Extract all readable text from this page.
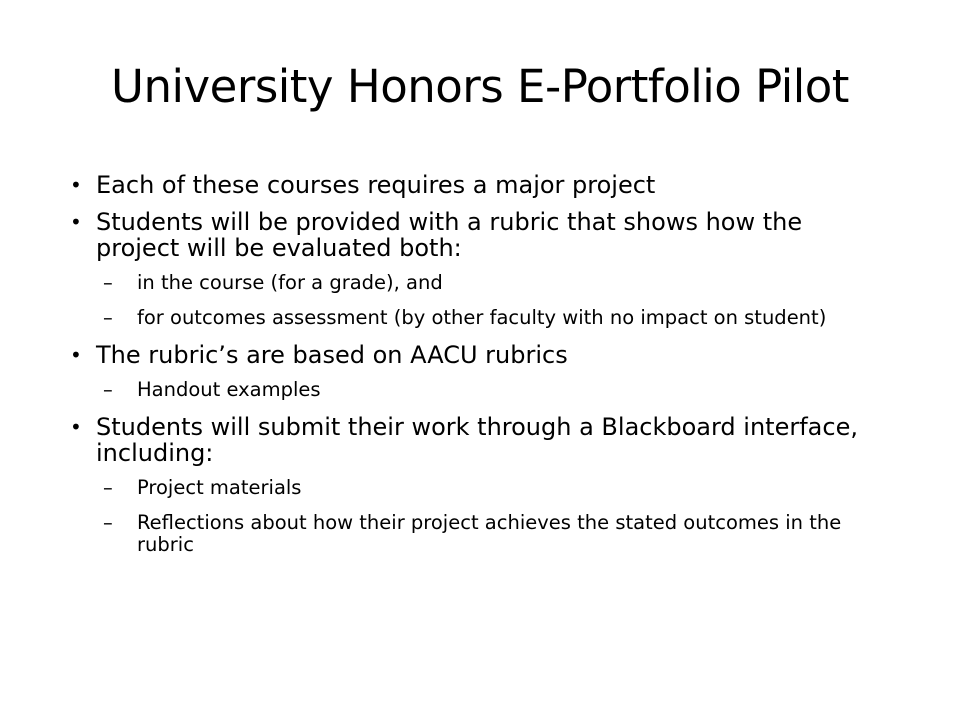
University Honors E-Portfolio Pilot
• Each of these courses requires a major project
• Students will be provided with a rubric that shows how the project will be evaluated both:
–	in the course (for a grade), and
–	for outcomes assessment (by other faculty with no impact on student)
• The rubric’s are based on AACU rubrics
–	Handout examples
• Students will submit their work through a Blackboard interface, including:
–	Project materials
–	Reflections about how their project achieves the stated outcomes in the rubric
